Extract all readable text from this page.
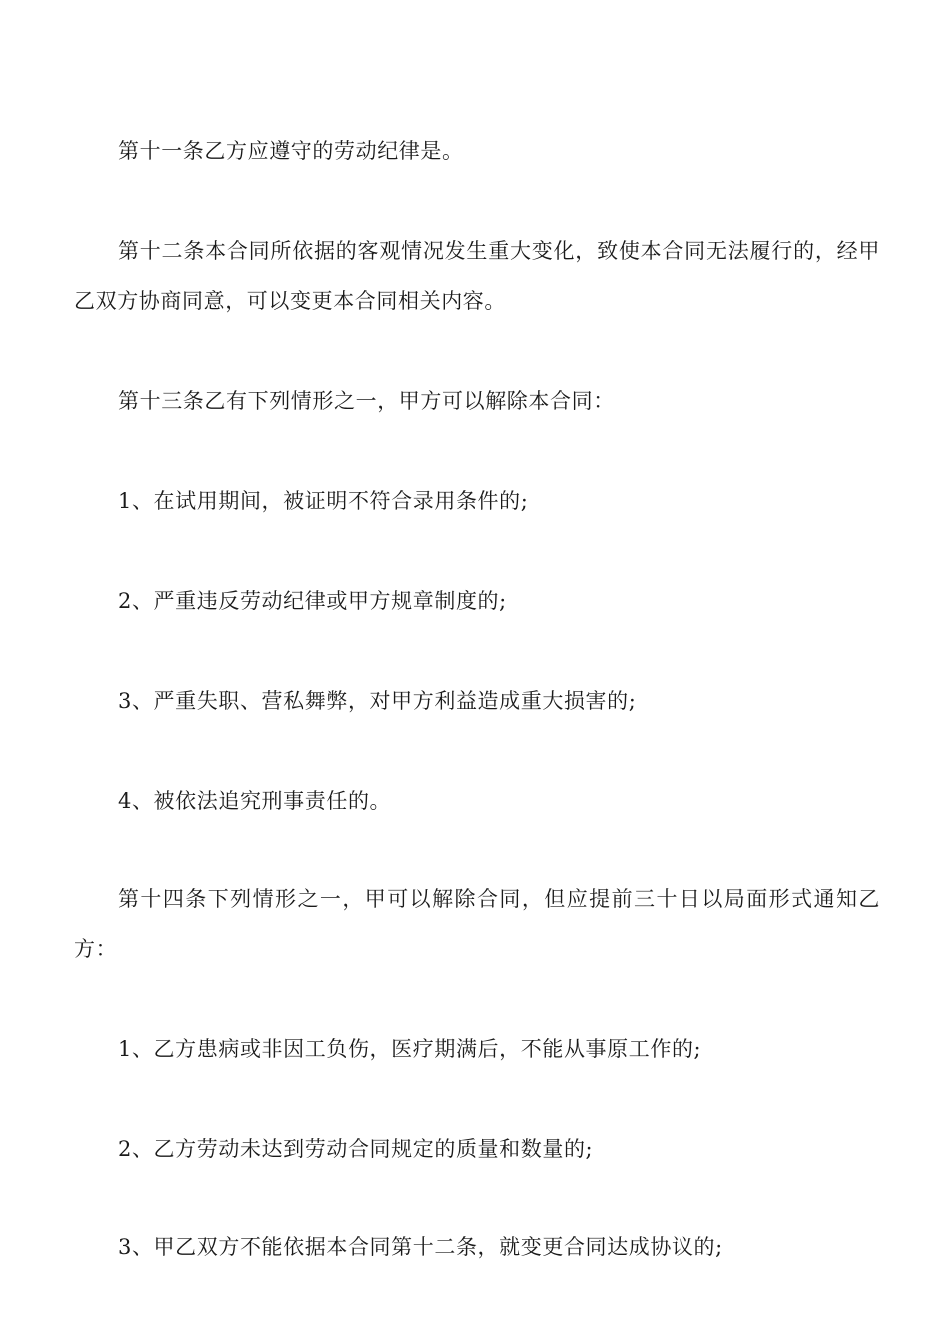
第十一条乙方应遵守的劳动纪律是。

第十二条本合同所依据的客观情况发生重大变化，致使本合同无法履行的，经甲乙双方协商同意，可以变更本合同相关内容。

第十三条乙有下列情形之一，甲方可以解除本合同：

1、在试用期间，被证明不符合录用条件的;

2、严重违反劳动纪律或甲方规章制度的;

3、严重失职、营私舞弊，对甲方利益造成重大损害的;

4、被依法追究刑事责任的。

第十四条下列情形之一，甲可以解除合同，但应提前三十日以局面形式通知乙方：

1、乙方患病或非因工负伤，医疗期满后，不能从事原工作的;

2、乙方劳动未达到劳动合同规定的质量和数量的;

3、甲乙双方不能依据本合同第十二条，就变更合同达成协议的;
